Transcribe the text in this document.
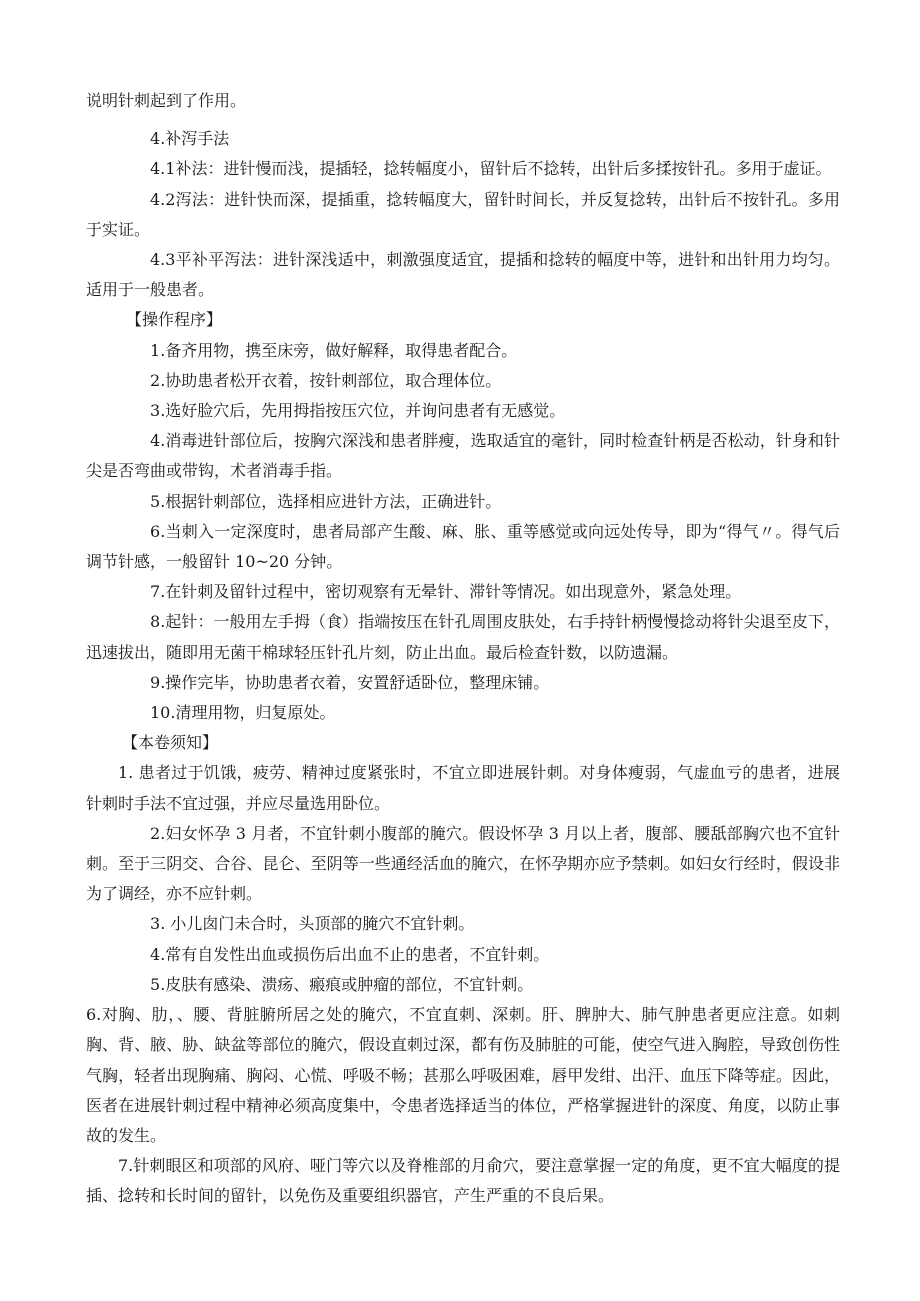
说明针刺起到了作用。

4.补泻手法

4.1补法：进针慢而浅，提插轻，捻转幅度小，留针后不捻转，出针后多揉按针孔。多用于虚证。

4.2泻法：进针快而深，提插重，捻转幅度大，留针时间长，并反复捻转，出针后不按针孔。多用于实证。

4.3平补平泻法：进针深浅适中，刺激强度适宜，提插和捻转的幅度中等，进针和出针用力均匀。适用于一般患者。

【操作程序】

1.备齐用物，携至床旁，做好解释，取得患者配合。

2.协助患者松开衣着，按针刺部位，取合理体位。

3.选好脸穴后，先用拇指按压穴位，并询问患者有无感觉。

4.消毒进针部位后，按胸穴深浅和患者胖瘦，选取适宜的毫针，同时检查针柄是否松动，针身和针尖是否弯曲或带钩，术者消毒手指。

5.根据针刺部位，选择相应进针方法，正确进针。

6.当刺入一定深度时，患者局部产生酸、麻、胀、重等感觉或向远处传导，即为“得气〃。得气后调节针感，一般留针 10~20 分钟。

7.在针刺及留针过程中，密切观察有无晕针、滞针等情况。如出现意外，紧急处理。

8.起针：一般用左手拇（食）指端按压在针孔周围皮肤处，右手持针柄慢慢捻动将针尖退至皮下，迅速拔出，随即用无菌干棉球轻压针孔片刻，防止出血。最后检查针数，以防遗漏。

9.操作完毕，协助患者衣着，安置舒适卧位，整理床铺。

10.清理用物，归复原处。

【本卷须知】

1. 患者过于饥饿，疲劳、精神过度紧张时，不宜立即进展针刺。对身体瘦弱，气虚血亏的患者，进展针刺时手法不宜过强，并应尽量选用卧位。

2.妇女怀孕 3 月者，不宜针刺小腹部的腌穴。假设怀孕 3 月以上者，腹部、腰舐部胸穴也不宜针刺。至于三阴交、合谷、昆仑、至阴等一些通经活血的腌穴，在怀孕期亦应予禁刺。如妇女行经时，假设非为了调经，亦不应针刺。

3. 小儿囱门未合时，头顶部的腌穴不宜针刺。

4.常有自发性出血或损伤后出血不止的患者，不宜针刺。

5.皮肤有感染、溃疡、瘢痕或肿瘤的部位，不宜针刺。

6.对胸、肋，、腰、背脏腑所居之处的腌穴，不宜直刺、深刺。肝、脾肿大、肺气肿患者更应注意。如刺胸、背、腋、胁、缺盆等部位的腌穴，假设直刺过深，都有伤及肺脏的可能，使空气进入胸腔，导致创伤性气胸，轻者出现胸痛、胸闷、心慌、呼吸不畅；甚那么呼吸困难，唇甲发绀、出汗、血压下降等症。因此，医者在进展针刺过程中精神必须高度集中，令患者选择适当的体位，严格掌握进针的深度、角度，以防止事故的发生。

7.针刺眼区和项部的风府、哑门等穴以及脊椎部的月俞穴，要注意掌握一定的角度，更不宜大幅度的提插、捻转和长时间的留针，以免伤及重要组织器官，产生严重的不良后果。
